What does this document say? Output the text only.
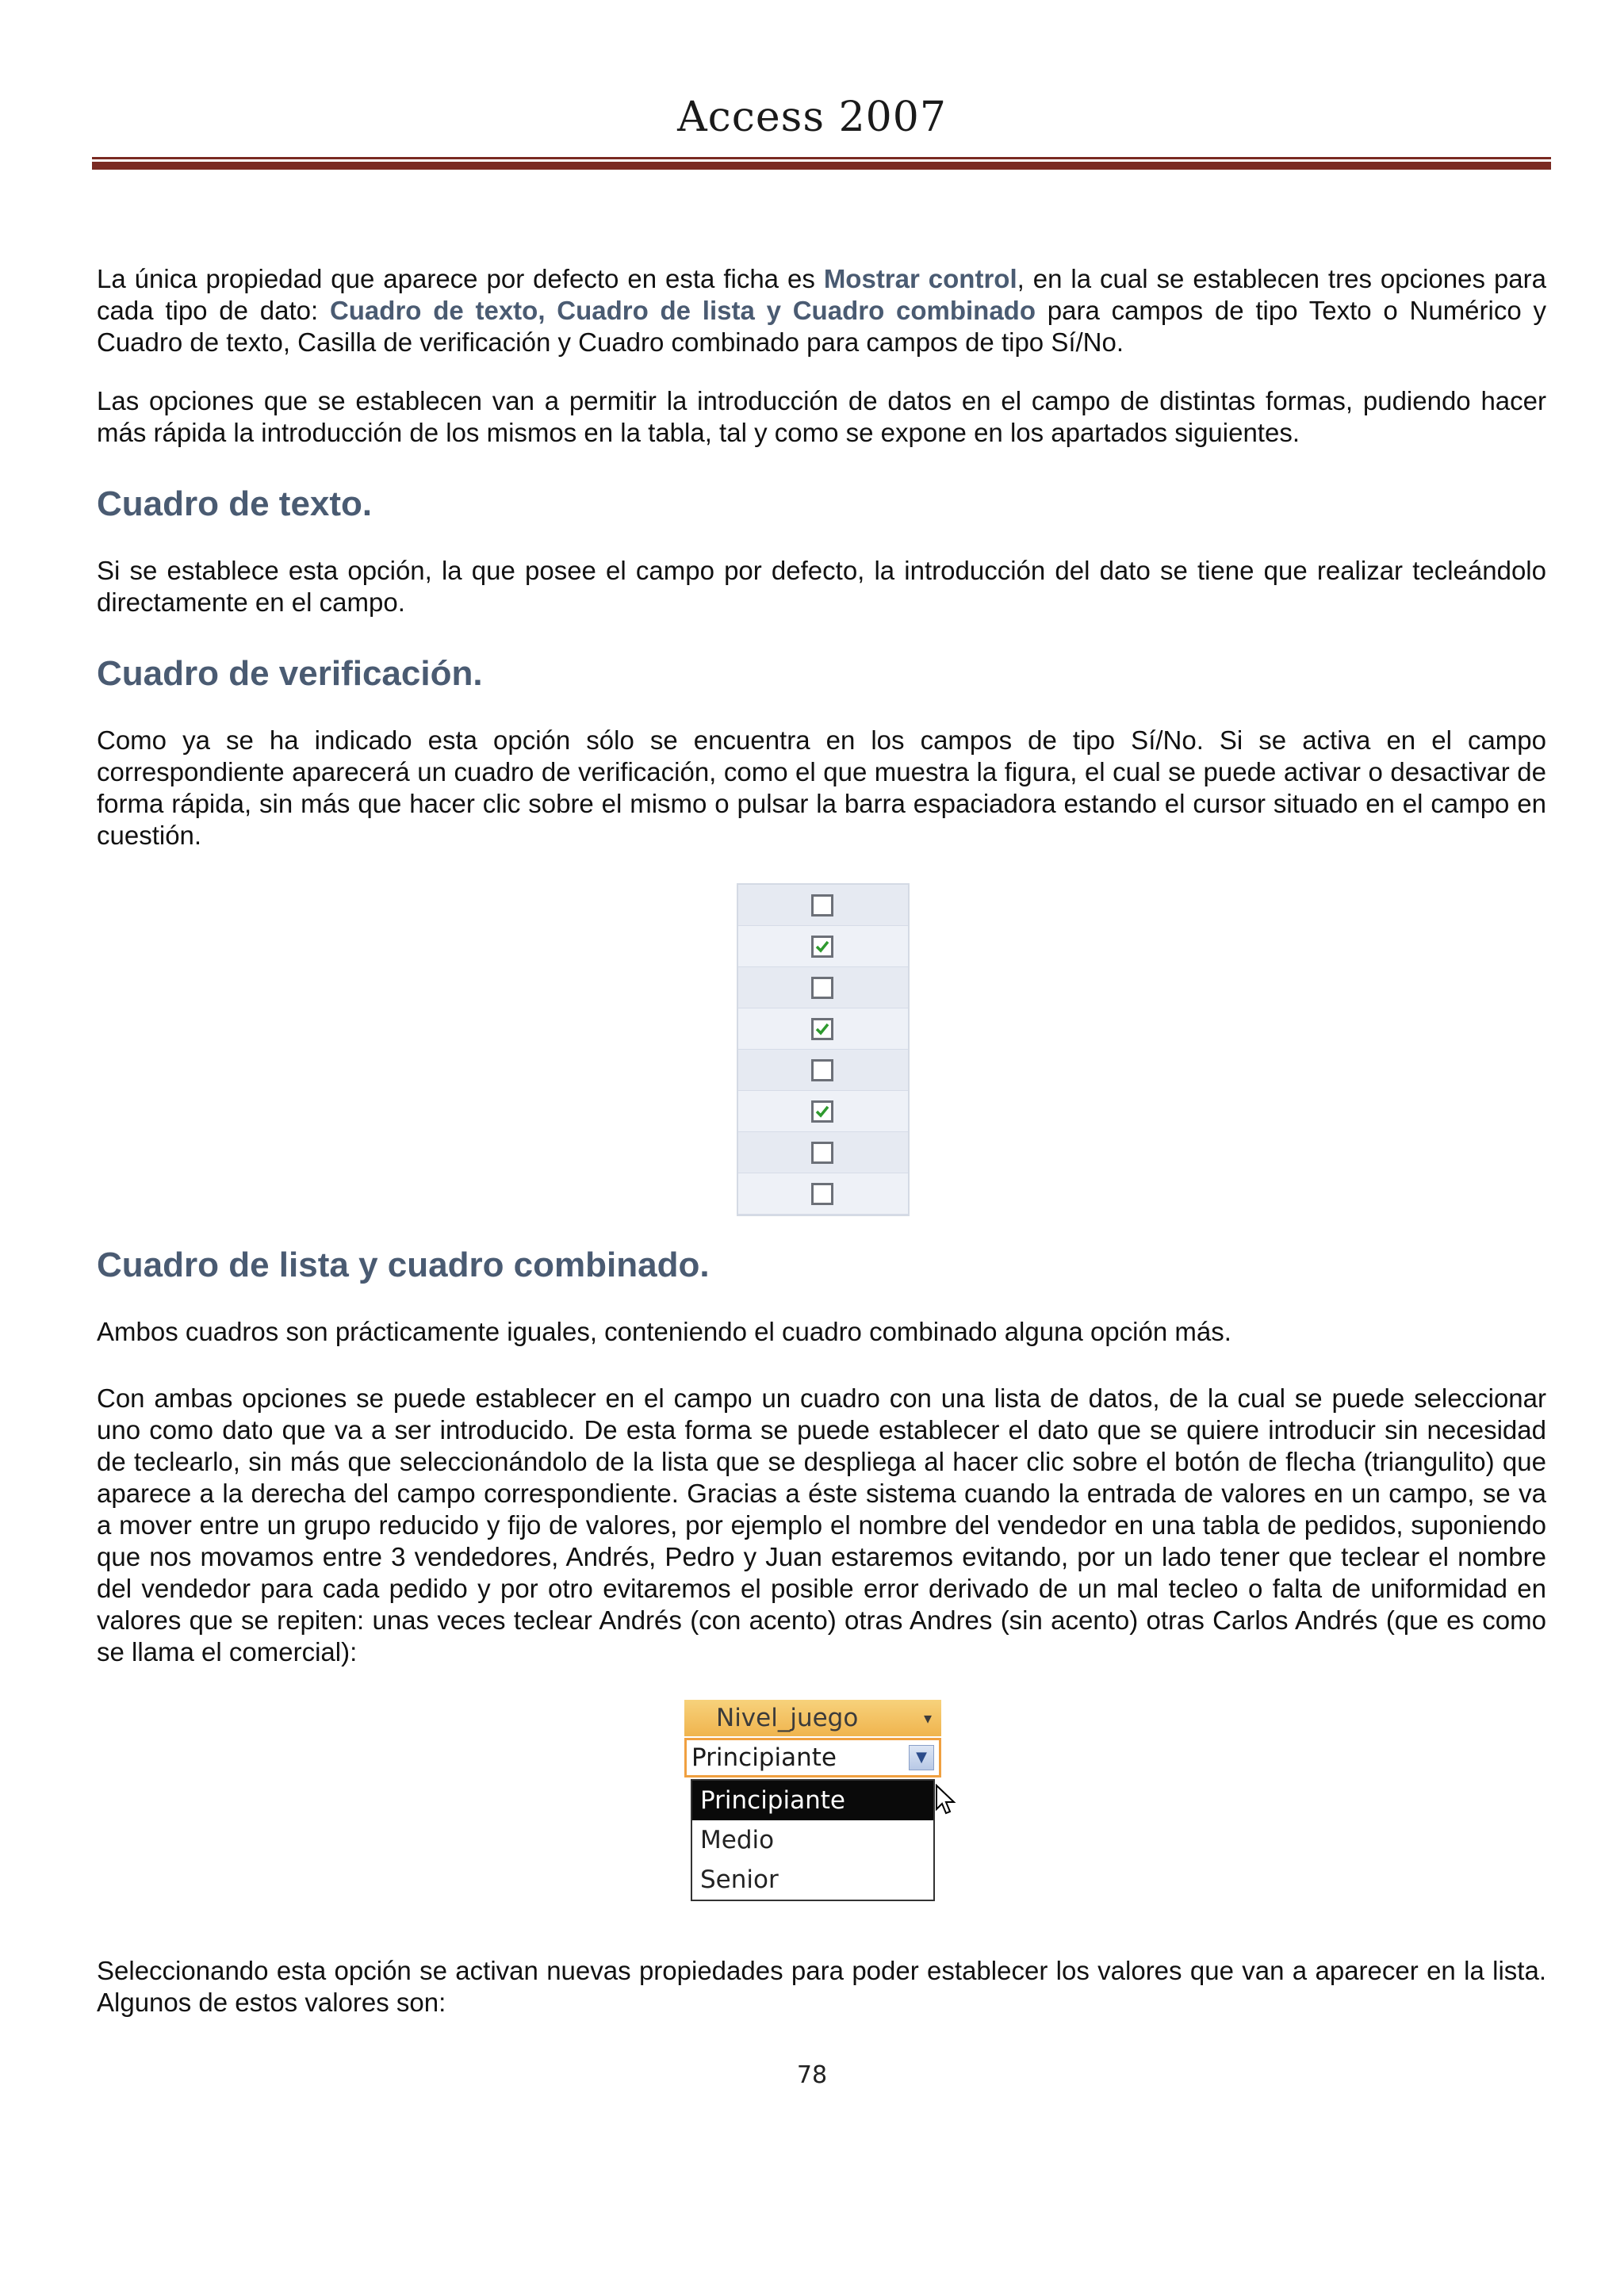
Access 2007

La única propiedad que aparece por defecto en esta ficha es Mostrar control, en la cual se establecen tres opciones para cada tipo de dato: Cuadro de texto, Cuadro de lista y Cuadro combinado para campos de tipo Texto o Numérico y Cuadro de texto, Casilla de verificación y Cuadro combinado para campos de tipo Sí/No.

Las opciones que se establecen van a permitir la introducción de datos en el campo de distintas formas, pudiendo hacer más rápida la introducción de los mismos en la tabla, tal y como se expone en los apartados siguientes.

Cuadro de texto.

Si se establece esta opción, la que posee el campo por defecto, la introducción del dato se tiene que realizar tecleándolo directamente en el campo.

Cuadro de verificación.

Como ya se ha indicado esta opción sólo se encuentra en los campos de tipo Sí/No. Si se activa en el campo correspondiente aparecerá un cuadro de verificación, como el que muestra la figura, el cual se puede activar o desactivar de forma rápida, sin más que hacer clic sobre el mismo o pulsar la barra espaciadora estando el cursor situado en el campo en cuestión.

Cuadro de lista y cuadro combinado.

Ambos cuadros son prácticamente iguales, conteniendo el cuadro combinado alguna opción más.

Con ambas opciones se puede establecer en el campo un cuadro con una lista de datos, de la cual se puede seleccionar uno como dato que va a ser introducido. De esta forma se puede establecer el dato que se quiere introducir sin necesidad de teclearlo, sin más que seleccionándolo de la lista que se despliega al hacer clic sobre el botón de flecha (triangulito) que aparece a la derecha del campo correspondiente. Gracias a éste sistema cuando la entrada de valores en un campo, se va a mover entre un grupo reducido y fijo de valores, por ejemplo el nombre del vendedor en una tabla de pedidos, suponiendo que nos movamos entre 3 vendedores, Andrés, Pedro y Juan estaremos evitando, por un lado tener que teclear el nombre del vendedor para cada pedido y por otro evitaremos el posible error derivado de un mal tecleo o falta de uniformidad en valores que se repiten: unas veces teclear Andrés (con acento) otras Andres (sin acento) otras Carlos Andrés (que es como se llama el comercial):

Nivel_juego	▾
Principiante	▼
Principiante
Medio
Senior

Seleccionando esta opción se activan nuevas propiedades para poder establecer los valores que van a aparecer en la lista. Algunos de estos valores son:

78
